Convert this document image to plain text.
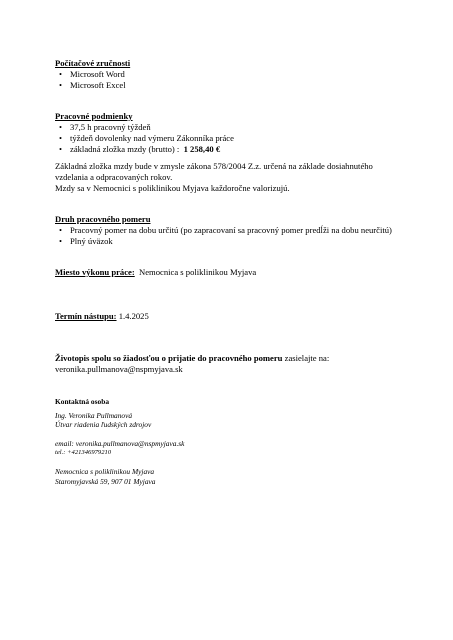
Počítačové zručnosti
• Microsoft Word
• Microsoft Excel
Pracovné podmienky
• 37,5 h pracovný týždeň
• týždeň dovolenky nad výmeru Zákonníka práce
• základná zložka mzdy (brutto) : 1 258,40 €
Základná zložka mzdy bude v zmysle zákona 578/2004 Z.z. určená na základe dosiahnutého
vzdelania a odpracovaných rokov.
Mzdy sa v Nemocnici s poliklinikou Myjava každoročne valorizujú.
Druh pracovného pomeru
• Pracovný pomer na dobu určitú (po zapracovaní sa pracovný pomer predĺži na dobu neurčitú)
• Plný úväzok
Miesto výkonu práce: Nemocnica s poliklinikou Myjava
Termín nástupu: 1.4.2025
Životopis spolu so žiadosťou o prijatie do pracovného pomeru zasielajte na:
veronika.pullmanova@nspmyjava.sk
Kontaktná osoba
Ing. Veronika Pullmanová
Útvar riadenia ľudských zdrojov
email: veronika.pullmanova@nspmyjava.sk
tel.: +421346979210
Nemocnica s poliklinikou Myjava
Staromyjavská 59, 907 01 Myjava
